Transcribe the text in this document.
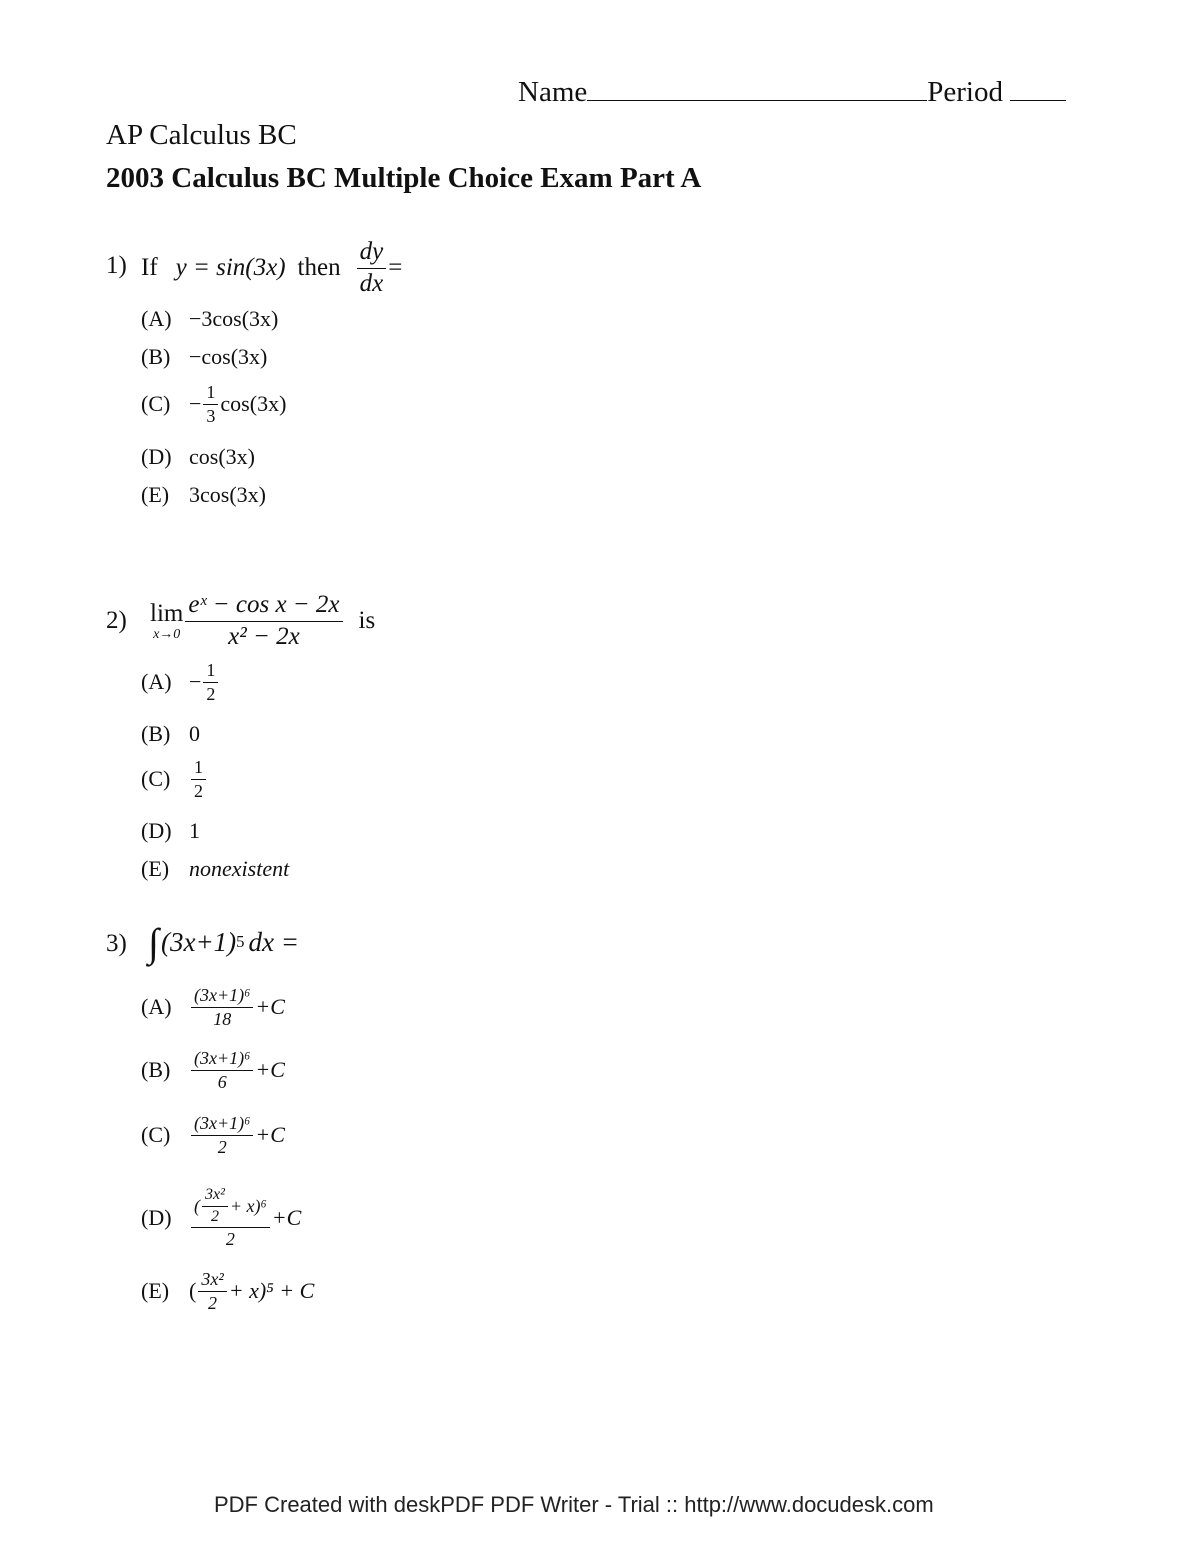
Name	Period
AP Calculus BC
2003 Calculus BC Multiple Choice Exam Part A
1) If y = sin(3x) then $\frac{dy}{dx}$ =
(A) −3cos(3x)
(B) −cos(3x)
$(C) - \frac{1}{3} \cos(3x)$
(D) cos(3x)
(E) 3cos(3x)
2) lim
$x\to 0 \frac{\text{eˣ − cos x − 2x}}{\text{x² − 2x}}$ is
$(A) - \frac{1}{2}$
(B) 0
(C)	$\frac{1}{2}$
(D) 1
(E) nonexistent
3) ∫ (3x+1) 5 dx =
(A)	$\frac{\text{(3x+1)⁶}}{18} +C$
(B)	$\frac{\text{(3x+1)⁶}}{6} +C$
(C)	$\frac{\text{(3x+1)⁶}}{2} +C$
(D)	$\frac{( \frac{\text{3x²}}{2} + x)^6}{2} +C$
(E) ( $\frac{\text{3x²}}{2} + x)^5 + C$
PDF Created with deskPDF PDF Writer - Trial :: http://www.docudesk.com
